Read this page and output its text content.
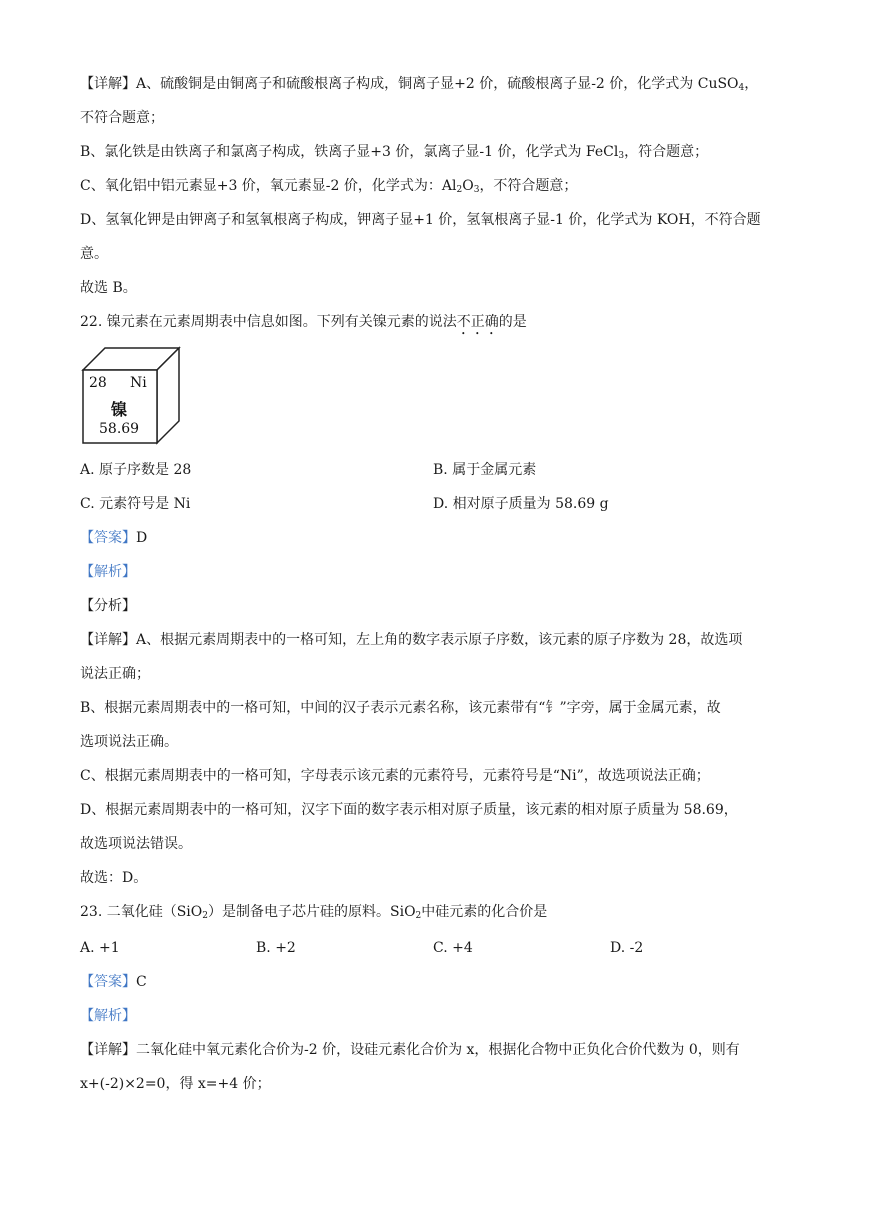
【详解】A、硫酸铜是由铜离子和硫酸根离子构成，铜离子显+2 价，硫酸根离子显-2 价，化学式为 CuSO$_4$，
不符合题意；
B、氯化铁是由铁离子和氯离子构成，铁离子显+3 价，氯离子显-1 价，化学式为 FeCl$_3$，符合题意；
C、氧化铝中铝元素显+3 价，氧元素显-2 价，化学式为：$Al_2O_3$，不符合题意；
D、氢氧化钾是由钾离子和氢氧根离子构成，钾离子显+1 价，氢氧根离子显-1 价，化学式为 KOH，不符合题
意。
故选 B。
22. 镍元素在元素周期表中信息如图。下列有关镍元素的说法不正确的是
28 Ni
镍
58.69
A. 原子序数是 28	B. 属于金属元素
C. 元素符号是 Ni	D. 相对原子质量为 58.69 g
【答案】D
【解析】
【分析】
【详解】A、根据元素周期表中的一格可知，左上角的数字表示原子序数，该元素的原子序数为 28，故选项
说法正确；
B、根据元素周期表中的一格可知，中间的汉子表示元素名称，该元素带有“钅”字旁，属于金属元素，故
选项说法正确。
C、根据元素周期表中的一格可知，字母表示该元素的元素符号，元素符号是“Ni”，故选项说法正确；
D、根据元素周期表中的一格可知，汉字下面的数字表示相对原子质量，该元素的相对原子质量为 58.69，
故选项说法错误。
故选：D。
23. 二氧化硅（SiO$_2$）是制备电子芯片硅的原料。SiO$_2$中硅元素的化合价是
A. +1	B. +2	C. +4	D. -2
【答案】C
【解析】
【详解】二氧化硅中氧元素化合价为-2 价，设硅元素化合价为 x，根据化合物中正负化合价代数为 0，则有
x+(-2)×2=0，得 x=+4 价；
